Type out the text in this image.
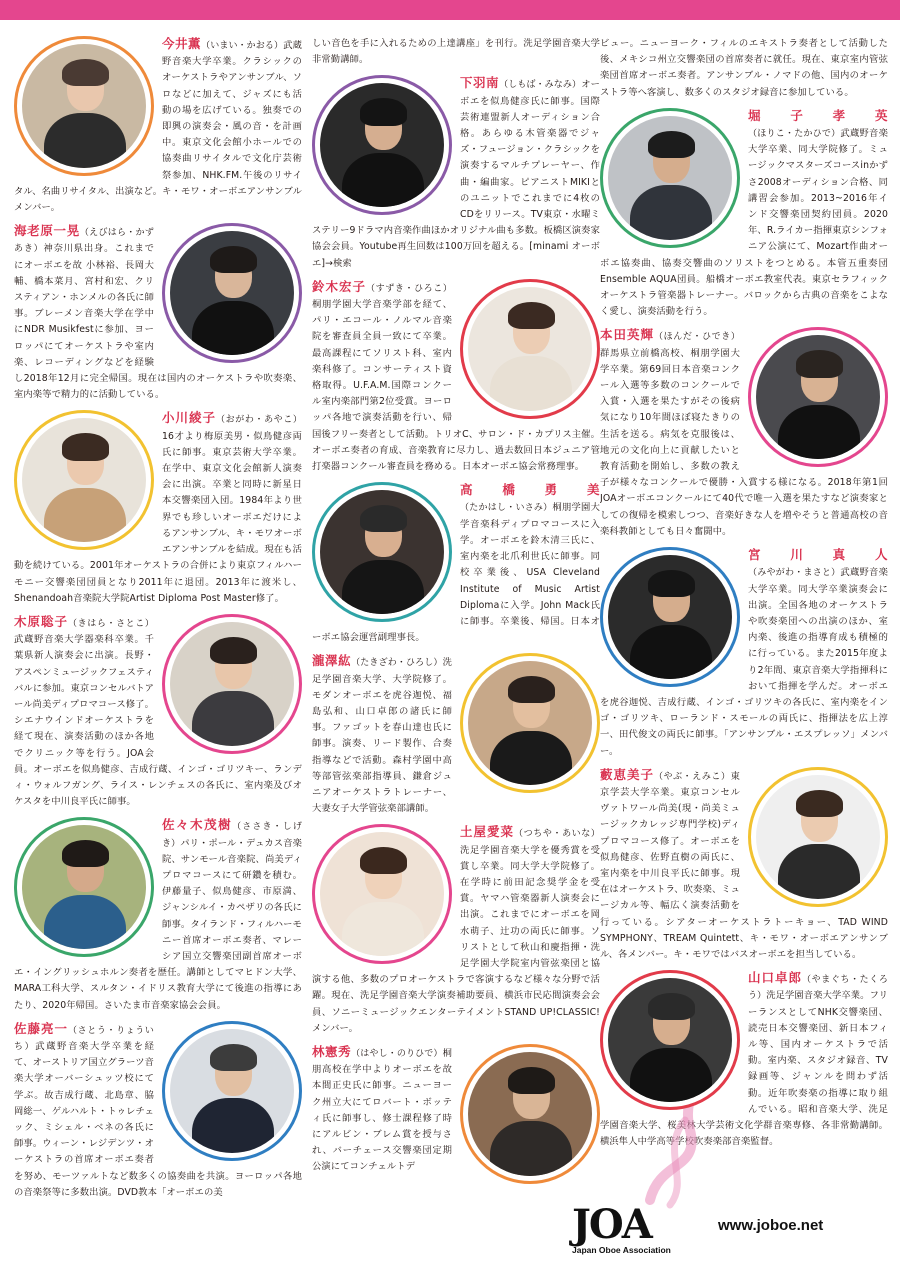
今井薫（いまい・かおる）武蔵野音楽大学卒業。クラシックのオーケストラやアンサンブル、ソロなどに加えて、ジャズにも活動の場を広げている。独奏での即興の演奏会・風の音・を計画中。東京文化会館小ホールでの協奏曲リサイタルで文化庁芸術祭参加、NHK.FM.午後のリサイタル、名曲リサイタル、出演など。キ・モワ・オーボエアンサンブルメンバー。
海老原一晃（えびはら・かずあき）神奈川県出身。これまでにオーボエを故 小林裕、長岡大輔、橋本菜月、宮村和宏、クリスティアン・ホンメルの各氏に師事。ブレーメン音楽大学在学中にNDR Musikfestに参加、ヨーロッパにてオーケストラや室内楽、レコーディングなどを経験し2018年12月に完全帰国。現在は国内のオーケストラや吹奏楽、室内楽等で精力的に活動している。
小川綾子（おがわ・あやこ）16才より梅原美男・似鳥健彦両氏に師事。東京芸術大学卒業。在学中、東京文化会館新人演奏会に出演。卒業と同時に新星日本交響楽団入団。1984年より世界でも珍しいオーボエだけによるアンサンブル、キ・モワオーボエアンサンブルを結成。現在も活動を続けている。2001年オーケストラの合併により東京フィルハーモニー交響楽団団員となり2011年に退団。2013年に渡米し、Shenandoah音楽院大学院Artist Diploma Post Master修了。
木原聡子（きはら・さとこ）武蔵野音楽大学器楽科卒業。千葉県新人演奏会に出演。長野・アスペンミュージックフェスティバルに参加。東京コンセルバトアール尚美ディプロマコース修了。シエナウインドオーケストラを経て現在、演奏活動のほか各地でクリニック等を行う。JOA会員。オーボエを似鳥健彦、吉成行蔵、インゴ・ゴリツキー、ランディ・ウォルフガング、ライス・レンチェスの各氏に、室内楽及びオケスタを中川良平氏に師事。
佐々木茂樹（ささき・しげき）パリ・ポール・デュカス音楽院、サンモール音楽院、尚美ディプロマコースにて研鑽を積む。伊藤量子、似鳥健彦、市原満、ジャンシルイ・カペザリの各氏に師事。タイランド・フィルハーモニー首席オーボエ奏者、マレーシア国立交響楽団副首席オーボエ・イングリッシュホルン奏者を歴任。講師としてマヒドン大学、MARA工科大学、スルタン・イドリス教育大学にて後進の指導にあたり、2020年帰国。さいたま市音楽家協会会員。
佐藤亮一（さとう・りょういち）武蔵野音楽大学卒業を経て、オーストリア国立グラーツ音楽大学オーバーシュッツ校にて学ぶ。故吉成行蔵、北島章、脇岡総一、ゲルハルト・トゥレチェック、ミシェル・ベネの各氏に師事。ウィーン・レジデンツ・オーケストラの首席オーボエ奏者を努め、モーツァルトなど数多くの協奏曲を共演。ヨーロッパ各地の音楽祭等に多数出演。DVD教本「オーボエの美
しい音色を手に入れるための上達講座」を刊行。洗足学園音楽大学非常勤講師。
下羽南（しもば・みなみ）オーボエを似鳥健彦氏に師事。国際芸術連盟新人オーディション合格。あらゆる木管楽器でジャズ・フュージョン・クラシックを演奏するマルチプレーヤー、作曲・編曲家。ピアニストMIKIとのユニットでこれまでに4枚のCDをリリース。TV東京・水曜ミステリー9ドラマ内音楽作曲ほかオリジナル曲も多数。板橋区演奏家協会会員。Youtube再生回数は100万回を超える。[minami オーボエ]→検索
鈴木宏子（すずき・ひろこ）桐朋学園大学音楽学部を経て、パリ・エコール・ノルマル音楽院を審査員全員一致にて卒業。最高課程にてソリスト科、室内楽科修了。コンサーティスト資格取得。U.F.A.M.国際コンクール室内楽部門第2位受賞。ヨーロッパ各地で演奏活動を行い、帰国後フリー奏者として活動。トリオC、サロン・ド・カプリス主催。オーボエ奏者の育成、音楽教育に尽力し、過去数回日本ジュニア管打楽器コンクール審査員を務める。日本オーボエ協会常務理事。
高橋勇美（たかはし・いさみ）桐朋学園大学音楽科ディプロマコースに入学。オーボエを鈴木清三氏に、室内楽を北爪利世氏に師事。同校卒業後、USA Cleveland Institute of Music Artist Diplomaに入学。John Mack氏に師事。卒業後、帰国。日本オーボエ協会運営副理事長。
瀧澤紘（たきざわ・ひろし）洗足学園音楽大学、大学院修了。モダンオーボエを虎谷迦悦、福島弘和、山口卓郎の諸氏に師事。ファゴットを春山達也氏に師事。演奏、リード製作、合奏指導などで活動。森村学園中高等部管弦楽部指導員、鎌倉ジュニアオーケストラトレーナー、大妻女子大学管弦楽部講師。
土屋愛菜（つちや・あいな）洗足学園音楽大学を優秀賞を受賞し卒業。同大学大学院修了。在学時に前田記念奨学金を受賞。ヤマハ管楽器新人演奏会に出演。これまでにオーボエを岡水萌子、辻功の両氏に師事。ソリストとして秋山和慶指揮・洗足学園大学院室内管弦楽団と協演する他、多数のプロオーケストラで客演するなど様々な分野で活躍。現在、洗足学園音楽大学演奏補助要員、横浜市民応間演奏会会員、ソニーミュージックエンターテイメントSTAND UP!CLASSIC!メンバー。
林憲秀（はやし・のりひで）桐朋高校在学中よりオーボエを故本間正史氏に師事。ニューヨーク州立大にてロバート・ボッティ氏に師事し、修士課程修了時にアルビン・ブレム賞を授与され、バーチェース交響楽団定期公演にてコンチェルトデ
ビュー。ニューヨーク・フィルのエキストラ奏者として活動した後、メキシコ州立交響楽団の首席奏者に就任。現在、東京室内管弦楽団首席オーボエ奏者。アンサンブル・ノマドの他、国内のオーケストラ等へ客演し、数多くのスタジオ録音に参加している。
堀子孝英（ほりこ・たかひで）武蔵野音楽大学卒業、同大学院修了。ミュージックマスターズコースinかずさ2008オーディション合格、同講習会参加。2013~2016年インド交響楽団契約団員。2020年、R.ライカー指揮東京シンフォニア公演にて、Mozart作曲オーボエ協奏曲、協奏交響曲のソリストをつとめる。本管五重奏団Ensemble AQUA団員。船橋オーボエ教室代表。東京セラフィックオーケストラ管楽器トレーナー。バロックから古典の音楽をこよなく愛し、演奏活動を行う。
本田英輝（ほんだ・ひでき）群馬県立前橋高校、桐朋学園大学卒業。第69回日本音楽コンクール入選等多数のコンクールで入賞・入選を果たすがその後病気になり10年間ほぼ寝たきりの生活を送る。病気を克服後は、地元の文化向上に貢献したいと教育活動を開始し、多数の教え子が様々なコンクールで優勝・入賞する様になる。2018年第1回JOAオーボエコンクールにて40代で唯一入選を果たすなど演奏家としての復帰を模索しつつ、音楽好きな人を増やそうと普通高校の音楽科教師としても日々奮闘中。
宮川真人（みやがわ・まさと）武蔵野音楽大学卒業。同大学卒業演奏会に出演。全国各地のオーケストラや吹奏楽団への出演のほか、室内楽、後進の指導育成も積極的に行っている。また2015年度より2年間、東京音楽大学指揮科において指揮を学んだ。オーボエを虎谷迦悦、吉成行蔵、インゴ・ゴリツキの各氏に、室内楽をインゴ・ゴリツキ、ローランド・スモールの両氏に、指揮法を広上淳一、田代俊文の両氏に師事。「アンサンブル・エスプレッソ」メンバー。
藪恵美子（やぶ・えみこ）東京学芸大学卒業。東京コンセルヴァトワール尚美(現・尚美ミュージックカレッジ専門学校)ディプロマコース修了。オーボエを似鳥健彦、佐野直樹の両氏に、室内楽を中川良平氏に師事。現在はオーケストラ、吹奏楽、ミュージカル等、幅広く演奏活動を行っている。シアターオーケストラトーキョー、TAD WIND SYMPHONY、TREAM Quintett、キ・モワ・オーボエアンサンブル、各メンバー。キ・モワではバスオーボエを担当している。
山口卓郎（やまぐち・たくろう）洗足学園音楽大学卒業。フリーランスとしてNHK交響楽団、読売日本交響楽団、新日本フィル等、国内オーケストラで活動。室内楽、スタジオ録音、TV録画等、ジャンルを問わず活動。近年吹奏楽の指導に取り組んでいる。昭和音楽大学、洗足学園音楽大学、桜美林大学芸術文化学群音楽専修、各非常勤講師。横浜隼人中学高等学校吹奏楽部音楽監督。
JOA
Japan Oboe Association
www.joboe.net
